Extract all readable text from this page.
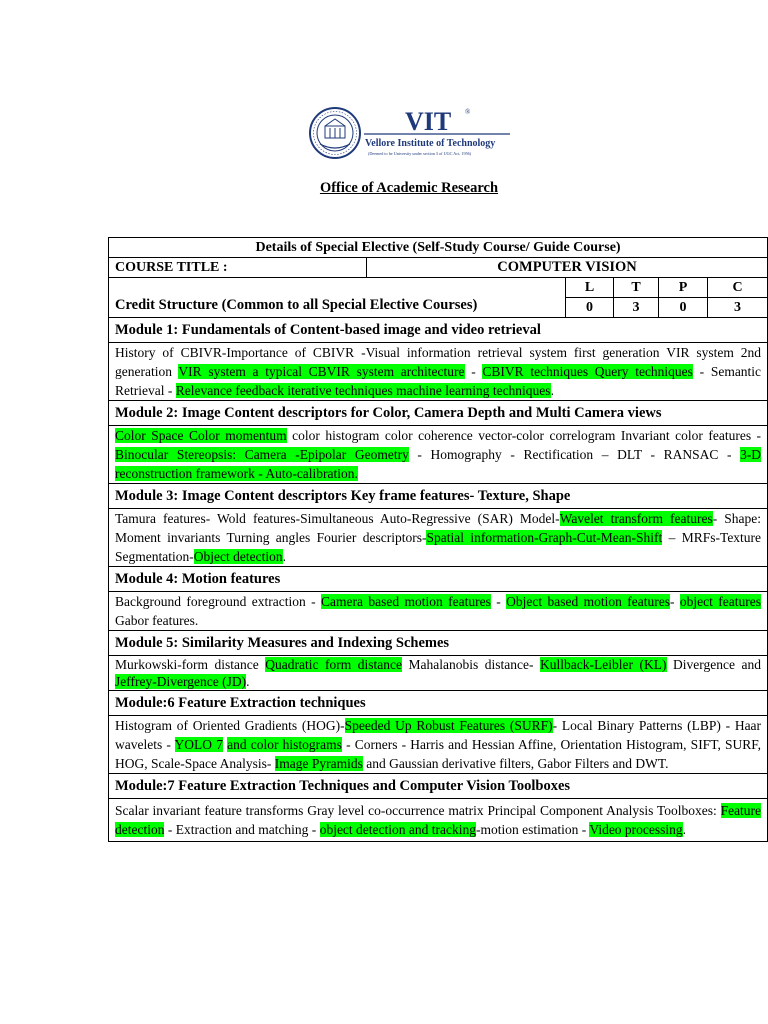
VIT ®
Vellore Institute of Technology
(Deemed to be University under section 3 of UGC Act, 1956)
Office of Academic Research
Details of Special Elective (Self-Study Course/ Guide Course)					
COURSE TITLE :	COMPUTER VISION				
Credit Structure (Common to all Special Elective Courses)		L	T	P	C
		0	3	0	3
Module 1: Fundamentals of Content-based image and video retrieval					
History of CBIVR-Importance of CBIVR -Visual information retrieval system first generation VIR system 2nd generation VIR system a typical CBVIR system architecture - CBIVR techniques Query techniques - Semantic Retrieval - Relevance feedback iterative techniques machine learning techniques.					
Module 2: Image Content descriptors for Color, Camera Depth and Multi Camera views					
Color Space Color momentum color histogram color coherence vector-color correlogram Invariant color features - Binocular Stereopsis: Camera -Epipolar Geometry - Homography - Rectification – DLT - RANSAC - 3-D reconstruction framework - Auto-calibration.					
Module 3: Image Content descriptors Key frame features- Texture, Shape					
Tamura features- Wold features-Simultaneous Auto-Regressive (SAR) Model-Wavelet transform features- Shape: Moment invariants Turning angles Fourier descriptors-Spatial information-Graph-Cut-Mean-Shift – MRFs-Texture Segmentation-Object detection.					
Module 4: Motion features					
Background foreground extraction - Camera based motion features - Object based motion features- object features Gabor features.					
Module 5: Similarity Measures and Indexing Schemes					
Murkowski-form distance Quadratic form distance Mahalanobis distance- Kullback-Leibler (KL) Divergence and Jeffrey-Divergence (JD).					
Module:6 Feature Extraction techniques					
Histogram of Oriented Gradients (HOG)-Speeded Up Robust Features (SURF)- Local Binary Patterns (LBP) - Haar wavelets - YOLO 7 and color histograms - Corners - Harris and Hessian Affine, Orientation Histogram, SIFT, SURF, HOG, Scale-Space Analysis- Image Pyramids and Gaussian derivative filters, Gabor Filters and DWT.					
Module:7 Feature Extraction Techniques and Computer Vision Toolboxes					
Scalar invariant feature transforms Gray level co-occurrence matrix Principal Component Analysis Toolboxes: Feature detection - Extraction and matching - object detection and tracking-motion estimation - Video processing.					
